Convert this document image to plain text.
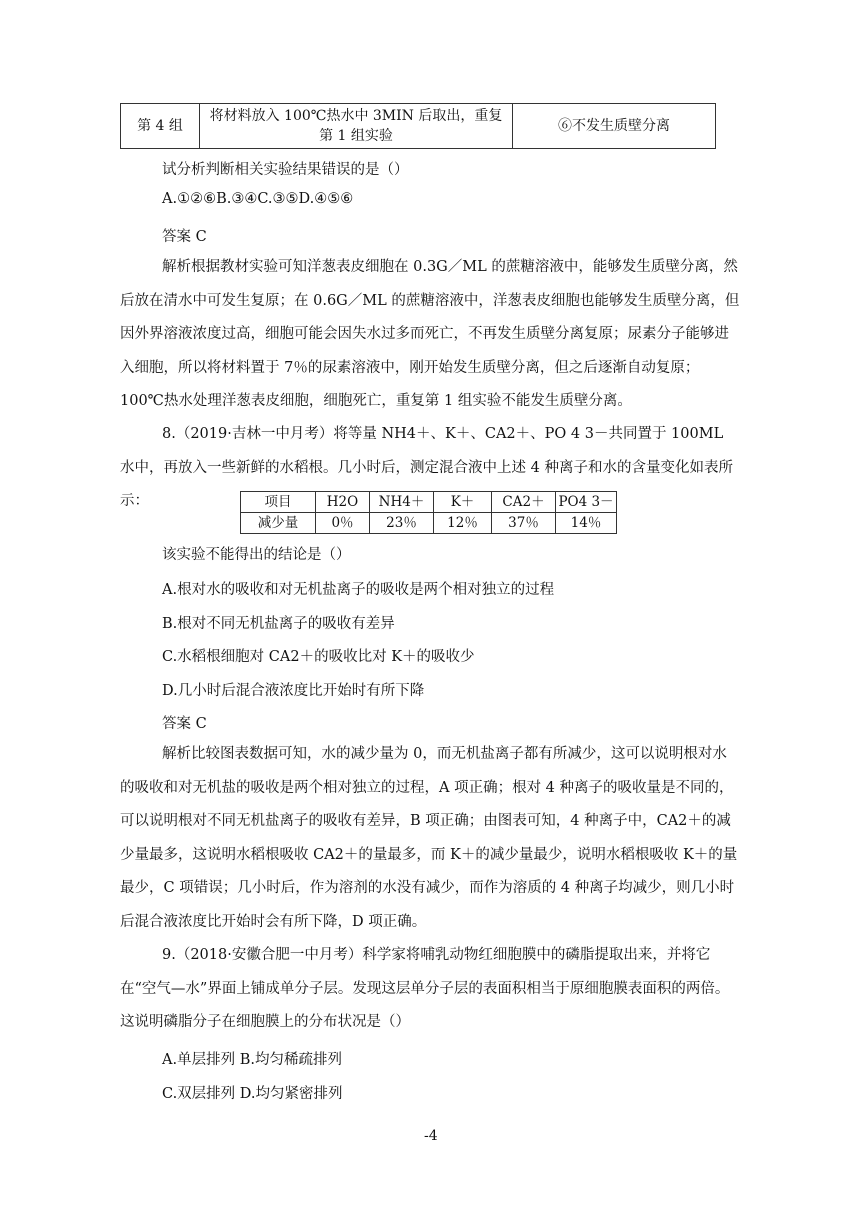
第 4 组	将材料放入 100℃热水中 3MIN 后取出，重复第 1 组实验	⑥不发生质壁分离
试分析判断相关实验结果错误的是（）
A.①②⑥B.③④C.③⑤D.④⑤⑥
答案 C
解析根据教材实验可知洋葱表皮细胞在 0.3G／ML 的蔗糖溶液中，能够发生质壁分离，然后放在清水中可发生复原；在 0.6G／ML 的蔗糖溶液中，洋葱表皮细胞也能够发生质壁分离，但因外界溶液浓度过高，细胞可能会因失水过多而死亡，不再发生质壁分离复原；尿素分子能够进入细胞，所以将材料置于 7％的尿素溶液中，刚开始发生质壁分离，但之后逐渐自动复原；100℃热水处理洋葱表皮细胞，细胞死亡，重复第 1 组实验不能发生质壁分离。
8.（2019·吉林一中月考）将等量 NH4＋、K＋、CA2＋、PO 4 3－共同置于 100ML 水中，再放入一些新鲜的水稻根。几小时后，测定混合液中上述 4 种离子和水的含量变化如表所示：	项目	H2O	NH4＋	K＋	CA2＋	PO4 3－
减少量	0％	23％	12％	37％	14％
该实验不能得出的结论是（）
A.根对水的吸收和对无机盐离子的吸收是两个相对独立的过程
B.根对不同无机盐离子的吸收有差异
C.水稻根细胞对 CA2＋的吸收比对 K＋的吸收少
D.几小时后混合液浓度比开始时有所下降
答案 C
解析比较图表数据可知，水的减少量为 0，而无机盐离子都有所减少，这可以说明根对水的吸收和对无机盐的吸收是两个相对独立的过程，A 项正确；根对 4 种离子的吸收量是不同的，可以说明根对不同无机盐离子的吸收有差异，B 项正确；由图表可知，4 种离子中，CA2＋的减少量最多，这说明水稻根吸收 CA2＋的量最多，而 K＋的减少量最少，说明水稻根吸收 K＋的量最少，C 项错误；几小时后，作为溶剂的水没有减少，而作为溶质的 4 种离子均减少，则几小时后混合液浓度比开始时会有所下降，D 项正确。
9.（2018·安徽合肥一中月考）科学家将哺乳动物红细胞膜中的磷脂提取出来，并将它在“空气—水”界面上铺成单分子层。发现这层单分子层的表面积相当于原细胞膜表面积的两倍。这说明磷脂分子在细胞膜上的分布状况是（）
A.单层排列 B.均匀稀疏排列
C.双层排列 D.均匀紧密排列
-4
